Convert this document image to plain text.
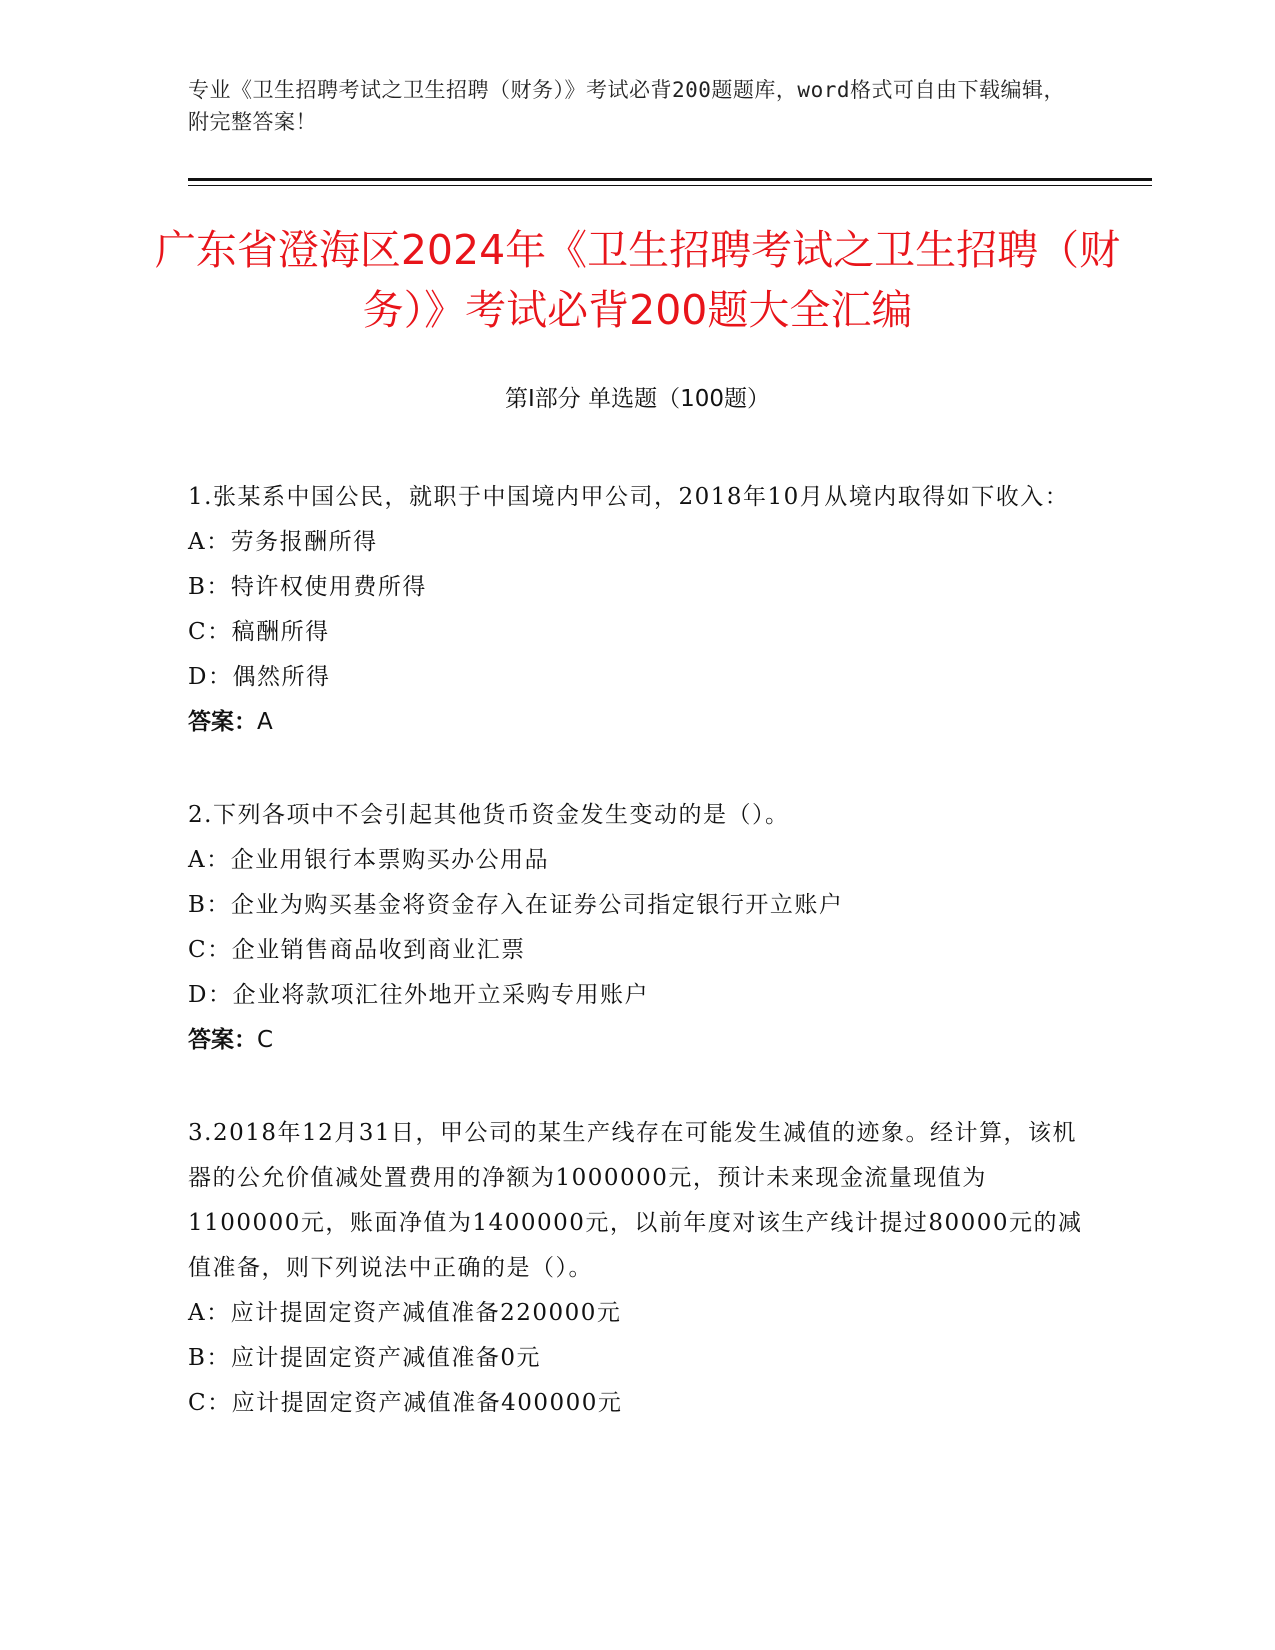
专业《卫生招聘考试之卫生招聘（财务）》考试必背200题题库，word格式可自由下载编辑，附完整答案！
广东省澄海区2024年《卫生招聘考试之卫生招聘（财务）》考试必背200题大全汇编
第I部分 单选题（100题）
1.张某系中国公民，就职于中国境内甲公司，2018年10月从境内取得如下收入：
A：劳务报酬所得
B：特许权使用费所得
C：稿酬所得
D：偶然所得
答案：A
2.下列各项中不会引起其他货币资金发生变动的是（）。
A：企业用银行本票购买办公用品
B：企业为购买基金将资金存入在证券公司指定银行开立账户
C：企业销售商品收到商业汇票
D：企业将款项汇往外地开立采购专用账户
答案：C
3.2018年12月31日，甲公司的某生产线存在可能发生减值的迹象。经计算，该机器的公允价值减处置费用的净额为1000000元，预计未来现金流量现值为1100000元，账面净值为1400000元，以前年度对该生产线计提过80000元的减值准备，则下列说法中正确的是（）。
A：应计提固定资产减值准备220000元
B：应计提固定资产减值准备0元
C：应计提固定资产减值准备400000元
